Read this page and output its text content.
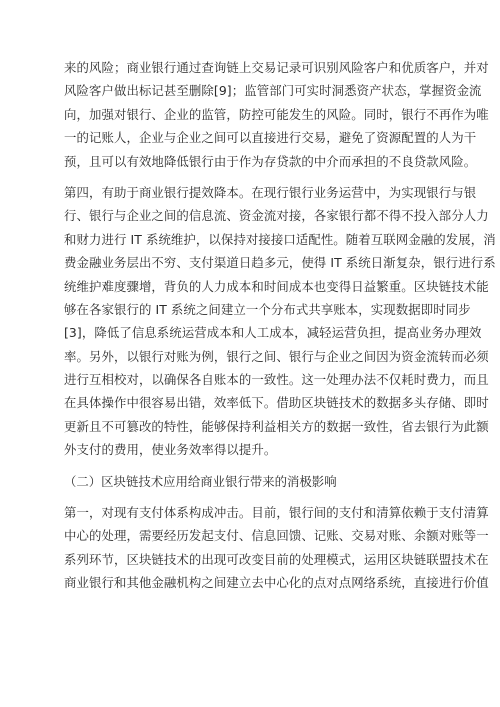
来的风险；商业银行通过查询链上交易记录可识别风险客户和优质客户，并对
风险客户做出标记甚至删除[9]；监管部门可实时洞悉资产状态，掌握资金流
向，加强对银行、企业的监管，防控可能发生的风险。同时，银行不再作为唯
一的记账人，企业与企业之间可以直接进行交易，避免了资源配置的人为干
预，且可以有效地降低银行由于作为存贷款的中介而承担的不良贷款风险。
第四，有助于商业银行提效降本。在现行银行业务运营中，为实现银行与银
行、银行与企业之间的信息流、资金流对接，各家银行都不得不投入部分人力
和财力进行 IT 系统维护，以保持对接接口适配性。随着互联网金融的发展，消
费金融业务层出不穷、支付渠道日趋多元，使得 IT 系统日渐复杂，银行进行系
统维护难度骤增，背负的人力成本和时间成本也变得日益繁重。区块链技术能
够在各家银行的 IT 系统之间建立一个分布式共享账本，实现数据即时同步
[3]，降低了信息系统运营成本和人工成本，减轻运营负担，提高业务办理效
率。另外，以银行对账为例，银行之间、银行与企业之间因为资金流转而必须
进行互相校对，以确保各自账本的一致性。这一处理办法不仅耗时费力，而且
在具体操作中很容易出错，效率低下。借助区块链技术的数据多头存储、即时
更新且不可篡改的特性，能够保持利益相关方的数据一致性，省去银行为此额
外支付的费用，使业务效率得以提升。
（二）区块链技术应用给商业银行带来的消极影响
第一，对现有支付体系构成冲击。目前，银行间的支付和清算依赖于支付清算
中心的处理，需要经历发起支付、信息回馈、记账、交易对账、余额对账等一
系列环节，区块链技术的出现可改变目前的处理模式，运用区块链联盟技术在
商业银行和其他金融机构之间建立去中心化的点对点网络系统，直接进行价值
